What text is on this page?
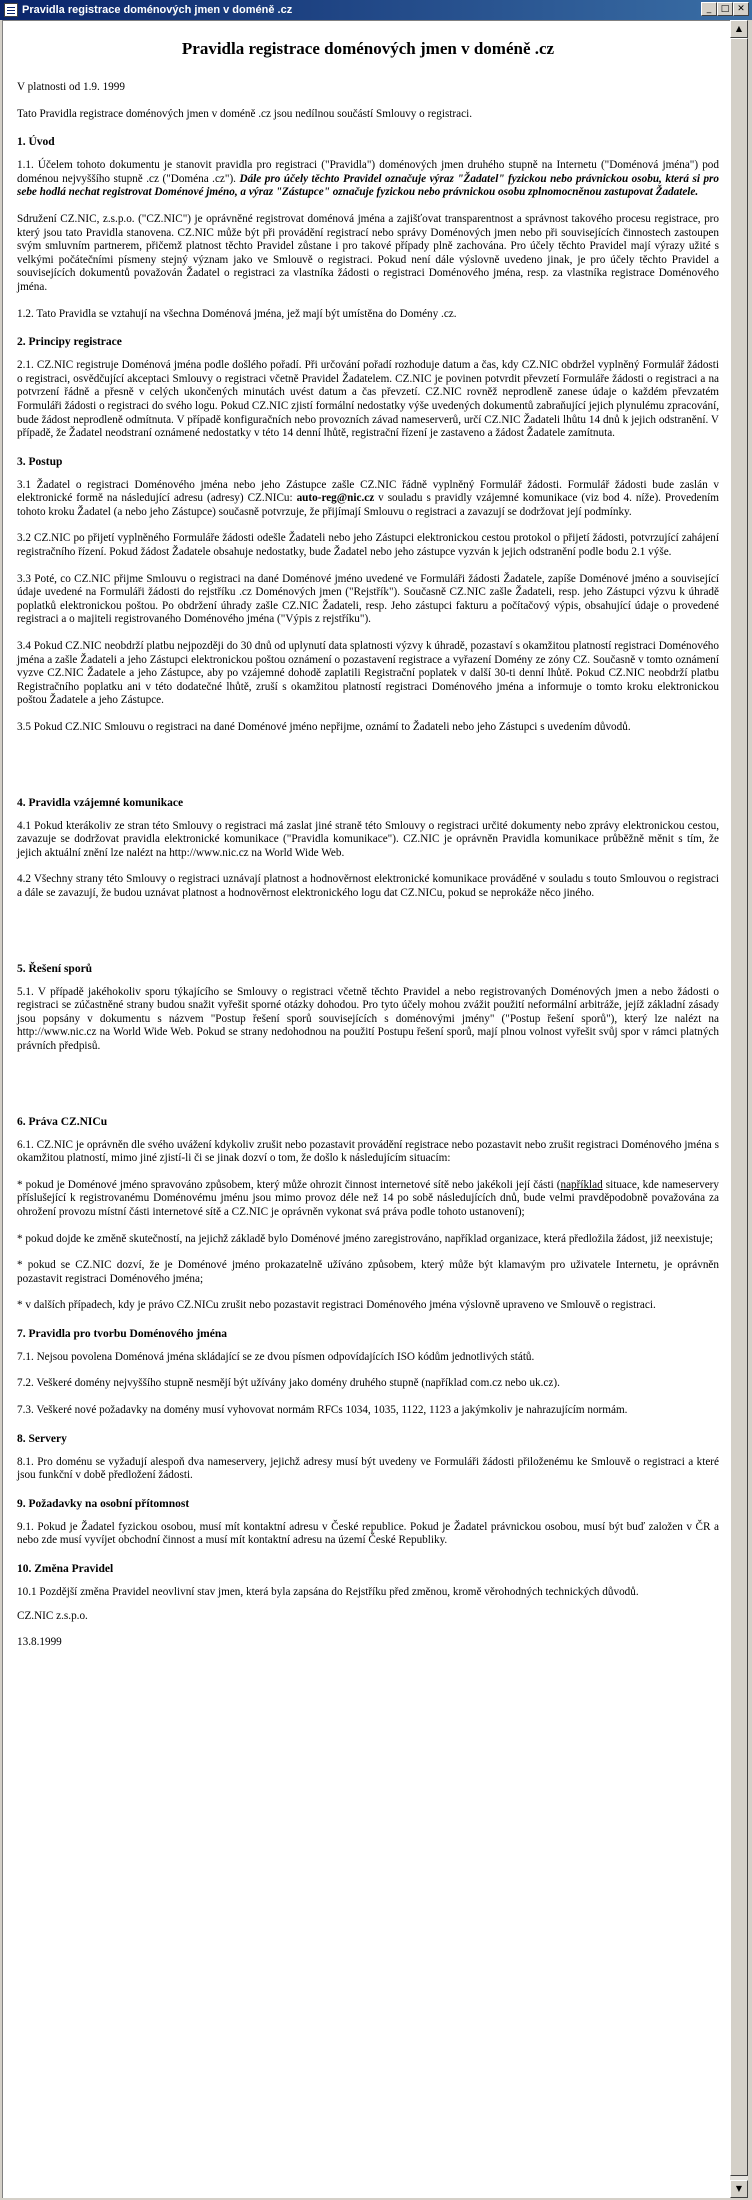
Pravidla registrace doménových jmen v doméně .cz	_	□ ✕
Pravidla registrace doménových jmen v doméně .cz

V platnosti od 1.9. 1999

Tato Pravidla registrace doménových jmen v doméně .cz jsou nedílnou součástí Smlouvy o registraci.

1. Úvod

1.1. Účelem tohoto dokumentu je stanovit pravidla pro registraci ("Pravidla") doménových jmen druhého stupně na Internetu ("Doménová jména") pod doménou nejvyššího stupně .cz ("Doména .cz"). Dále pro účely těchto Pravidel označuje výraz "Žadatel" fyzickou nebo právnickou osobu, která si pro sebe hodlá nechat registrovat Doménové jméno, a výraz "Zástupce" označuje fyzickou nebo právnickou osobu zplnomocněnou zastupovat Žadatele.

Sdružení CZ.NIC, z.s.p.o. ("CZ.NIC") je oprávněné registrovat doménová jména a zajišťovat transparentnost a správnost takového procesu registrace, pro který jsou tato Pravidla stanovena. CZ.NIC může být při provádění registrací nebo správy Doménových jmen nebo při souvisejících činnostech zastoupen svým smluvním partnerem, přičemž platnost těchto Pravidel zůstane i pro takové případy plně zachována. Pro účely těchto Pravidel mají výrazy užité s velkými počátečními písmeny stejný význam jako ve Smlouvě o registraci. Pokud není dále výslovně uvedeno jinak, je pro účely těchto Pravidel a souvisejících dokumentů považován Žadatel o registraci za vlastníka žádosti o registraci Doménového jména, resp. za vlastníka registrace Doménového jména.

1.2. Tato Pravidla se vztahují na všechna Doménová jména, jež mají být umístěna do Domény .cz.

2. Principy registrace

2.1. CZ.NIC registruje Doménová jména podle došlého pořadí. Při určování pořadí rozhoduje datum a čas, kdy CZ.NIC obdržel vyplněný Formulář žádosti o registraci, osvědčující akceptaci Smlouvy o registraci včetně Pravidel Žadatelem. CZ.NIC je povinen potvrdit převzetí Formuláře žádosti o registraci a na potvrzení řádně a přesně v celých ukončených minutách uvést datum a čas převzetí. CZ.NIC rovněž neprodleně zanese údaje o každém převzatém Formuláři žádosti o registraci do svého logu. Pokud CZ.NIC zjistí formální nedostatky výše uvedených dokumentů zabraňující jejich plynulému zpracování, bude žádost neprodleně odmítnuta. V případě konfiguračních nebo provozních závad nameserverů, určí CZ.NIC Žadateli lhůtu 14 dnů k jejich odstranění. V případě, že Žadatel neodstraní oznámené nedostatky v této 14 denní lhůtě, registrační řízení je zastaveno a žádost Žadatele zamítnuta.

3. Postup

3.1 Žadatel o registraci Doménového jména nebo jeho Zástupce zašle CZ.NIC řádně vyplněný Formulář žádosti. Formulář žádosti bude zaslán v elektronické formě na následující adresu (adresy) CZ.NICu: auto-reg@nic.cz v souladu s pravidly vzájemné komunikace (viz bod 4. níže). Provedením tohoto kroku Žadatel (a nebo jeho Zástupce) současně potvrzuje, že přijímají Smlouvu o registraci a zavazují se dodržovat její podmínky.

3.2 CZ.NIC po přijetí vyplněného Formuláře žádosti odešle Žadateli nebo jeho Zástupci elektronickou cestou protokol o přijetí žádosti, potvrzující zahájení registračního řízení. Pokud žádost Žadatele obsahuje nedostatky, bude Žadatel nebo jeho zástupce vyzván k jejich odstranění podle bodu 2.1 výše.

3.3 Poté, co CZ.NIC přijme Smlouvu o registraci na dané Doménové jméno uvedené ve Formuláři žádosti Žadatele, zapíše Doménové jméno a související údaje uvedené na Formuláři žádosti do rejstříku .cz Doménových jmen ("Rejstřík"). Současně CZ.NIC zašle Žadateli, resp. jeho Zástupci výzvu k úhradě poplatků elektronickou poštou. Po obdržení úhrady zašle CZ.NIC Žadateli, resp. Jeho zástupci fakturu a počítačový výpis, obsahující údaje o provedené registraci a o majiteli registrovaného Doménového jména ("Výpis z rejstříku").

3.4 Pokud CZ.NIC neobdrží platbu nejpozději do 30 dnů od uplynutí data splatnosti výzvy k úhradě, pozastaví s okamžitou platností registraci Doménového jména a zašle Žadateli a jeho Zástupci elektronickou poštou oznámení o pozastavení registrace a vyřazení Domény ze zóny CZ. Současně v tomto oznámení vyzve CZ.NIC Žadatele a jeho Zástupce, aby po vzájemné dohodě zaplatili Registrační poplatek v další 30-ti denní lhůtě. Pokud CZ.NIC neobdrží platbu Registračního poplatku ani v této dodatečné lhůtě, zruší s okamžitou platností registraci Doménového jména a informuje o tomto kroku elektronickou poštou Žadatele a jeho Zástupce.

3.5 Pokud CZ.NIC Smlouvu o registraci na dané Doménové jméno nepřijme, oznámí to Žadateli nebo jeho Zástupci s uvedením důvodů.

4. Pravidla vzájemné komunikace

4.1 Pokud kterákoliv ze stran této Smlouvy o registraci má zaslat jiné straně této Smlouvy o registraci určité dokumenty nebo zprávy elektronickou cestou, zavazuje se dodržovat pravidla elektronické komunikace ("Pravidla komunikace"). CZ.NIC je oprávněn Pravidla komunikace průběžně měnit s tím, že jejich aktuální znění lze nalézt na http://www.nic.cz na World Wide Web.

4.2 Všechny strany této Smlouvy o registraci uznávají platnost a hodnověrnost elektronické komunikace prováděné v souladu s touto Smlouvou o registraci a dále se zavazují, že budou uznávat platnost a hodnověrnost elektronického logu dat CZ.NICu, pokud se neprokáže něco jiného.

5. Řešení sporů

5.1. V případě jakéhokoliv sporu týkajícího se Smlouvy o registraci včetně těchto Pravidel a nebo registrovaných Doménových jmen a nebo žádosti o registraci se zúčastněné strany budou snažit vyřešit sporné otázky dohodou. Pro tyto účely mohou zvážit použití neformální arbitráže, jejíž základní zásady jsou popsány v dokumentu s názvem "Postup řešení sporů souvisejících s doménovými jmény" ("Postup řešení sporů"), který lze nalézt na http://www.nic.cz na World Wide Web. Pokud se strany nedohodnou na použití Postupu řešení sporů, mají plnou volnost vyřešit svůj spor v rámci platných právních předpisů.

6. Práva CZ.NICu

6.1. CZ.NIC je oprávněn dle svého uvážení kdykoliv zrušit nebo pozastavit provádění registrace nebo pozastavit nebo zrušit registraci Doménového jména s okamžitou platností, mimo jiné zjistí-li či se jinak dozví o tom, že došlo k následujícím situacím:

* pokud je Doménové jméno spravováno způsobem, který může ohrozit činnost internetové sítě nebo jakékoli její části (například situace, kde nameservery příslušející k registrovanému Doménovému jménu jsou mimo provoz déle než 14 po sobě následujících dnů, bude velmi pravděpodobně považována za ohrožení provozu místní části internetové sítě a CZ.NIC je oprávněn vykonat svá práva podle tohoto ustanovení);

* pokud dojde ke změně skutečností, na jejichž základě bylo Doménové jméno zaregistrováno, například organizace, která předložila žádost, již neexistuje;

* pokud se CZ.NIC dozví, že je Doménové jméno prokazatelně užíváno způsobem, který může být klamavým pro uživatele Internetu, je oprávněn pozastavit registraci Doménového jména;

* v dalších případech, kdy je právo CZ.NICu zrušit nebo pozastavit registraci Doménového jména výslovně upraveno ve Smlouvě o registraci.

7. Pravidla pro tvorbu Doménového jména

7.1. Nejsou povolena Doménová jména skládající se ze dvou písmen odpovídajících ISO kódům jednotlivých států.

7.2. Veškeré domény nejvyššího stupně nesmějí být užívány jako domény druhého stupně (například com.cz nebo uk.cz).

7.3. Veškeré nové požadavky na domény musí vyhovovat normám RFCs 1034, 1035, 1122, 1123 a jakýmkoliv je nahrazujícím normám.

8. Servery

8.1. Pro doménu se vyžadují alespoň dva nameservery, jejichž adresy musí být uvedeny ve Formuláři žádosti přiloženému ke Smlouvě o registraci a které jsou funkční v době předložení žádosti.

9. Požadavky na osobní přítomnost

9.1. Pokud je Žadatel fyzickou osobou, musí mít kontaktní adresu v České republice. Pokud je Žadatel právnickou osobou, musí být buď založen v ČR a nebo zde musí vyvíjet obchodní činnost a musí mít kontaktní adresu na území České Republiky.

10. Změna Pravidel

10.1 Pozdější změna Pravidel neovlivní stav jmen, která byla zapsána do Rejstříku před změnou, kromě věrohodných technických důvodů.

CZ.NIC z.s.p.o.

13.8.1999

▲
▼
